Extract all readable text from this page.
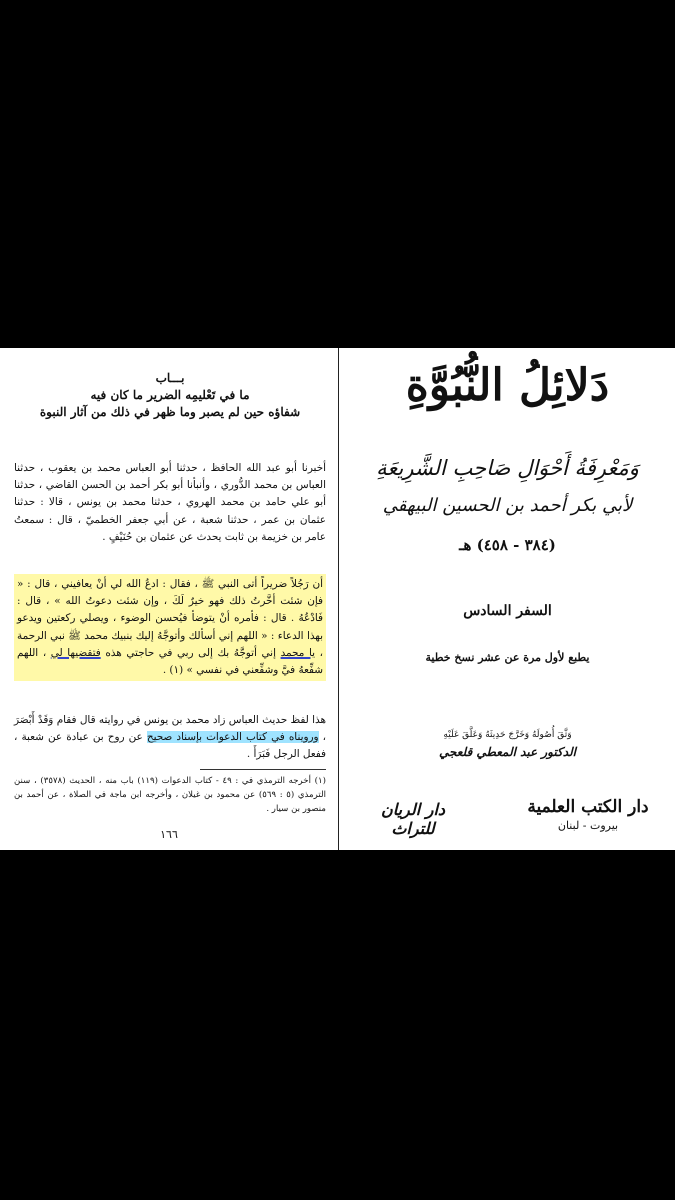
بـــاب
ما في تَعْليمِه الضرير ما كان فيه
شفاؤه حين لم يصبر وما ظهر في ذلك من آثار النبوة
أخبرنا أبو عبد الله الحافظ ، حدثنا أبو العباس محمد بن يعقوب ، حدثنا العباس بن محمد الدُّوري ، وأنبأنا أبو بكر أحمد بن الحسن القاضي ، حدثنا أبو علي حامد بن محمد الهروي ، حدثنا محمد بن يونس ، قالا : حدثنا عثمان بن عمر ، حدثنا شعبة ، عن أبي جعفر الخطميّ ، قال : سمعتُ عامر بن خزيمة بن ثابت يحدث عن عثمان بن حُنَيْفٍ .
أن رَجُلاً ضريراً أتى النبي ﷺ ، فقال : ادعُ الله لي أنْ يعافيني ، قال : « فإن شئت أخَّرتُ ذلك فهو خيرٌ لَكَ ، وإن شئت دعوتُ الله » ، قال : فَادْعُهُ . قال : فأمره أنْ يتوضأ فيُحسن الوضوء ، ويصلي ركعتين ويدعو بهذا الدعاء : « اللهم إني أسألك وأتوجَّهُ إليك بنبيك محمد ﷺ نبي الرحمة ، يا محمد إني أتوجَّهُ بك إلى ربي في حاجتي هذه فتقضيها لي ، اللهم شفِّعهُ فيَّ وشفِّعني في نفسي » (١) .
هذا لفظ حديث العباس زاد محمد بن يونس في روايته قال فقام وَقَدْ أَبْصَرَ ، ورويناه في كتاب الدعوات بإسناد صحيح عن روح بن عبادة عن شعبة ، ففعل الرجل فَبَرَأَ .
(١) أخرجه الترمذي في : ٤٩ - كتاب الدعوات (١١٩) باب منه ، الحديث (٣٥٧٨) ، سنن الترمذي (٥ : ٥٦٩) عن محمود بن غيلان ، وأخرجه ابن ماجة في الصلاة ، عن أحمد بن منصور بن سيار .
١٦٦
دَلائِلُ النُّبُوَّةِ
وَمَعْرِفَةُ أَحْوَالِ صَاحِبِ الشَّرِيعَةِ
لأبي بكر أحمد بن الحسين البيهقي
(٣٨٤ - ٤٥٨) هـ
السفر السادس
يطبع لأول مرة عن عشر نسخ خطية
وَثَّقَ أُصُولَهُ وَخَرَّجَ حَدِيثَهُ وَعَلَّقَ عَلَيْهِ
الدكتور عبد المعطي قلعجي
دار الكتب العلمية
بيروت - لبنان
دار الريان للتراث
